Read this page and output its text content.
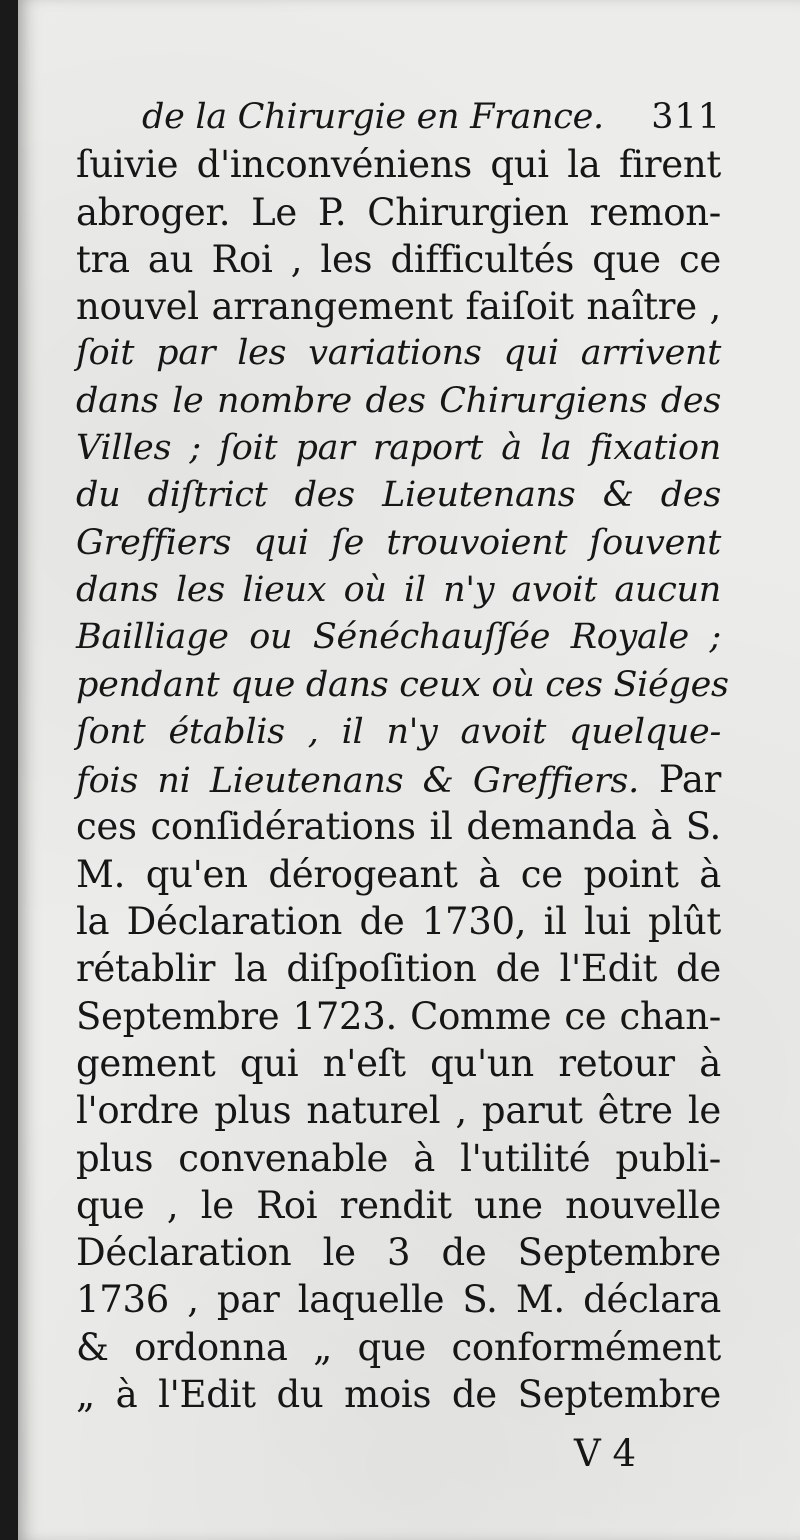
de la Chirurgie en France. 311
ſuivie d'inconvéniens qui la firent
abroger. Le P. Chirurgien remon-
tra au Roi , les difficultés que ce
nouvel arrangement faiſoit naître ,
ſoit par les variations qui arrivent
dans le nombre des Chirurgiens des
Villes ; ſoit par raport à la fixation
du diſtrict des Lieutenans & des
Greffiers qui ſe trouvoient ſouvent
dans les lieux où il n'y avoit aucun
Bailliage ou Sénéchauſſée Royale ;
pendant que dans ceux où ces Siéges
ſont établis , il n'y avoit quelque-
fois ni Lieutenans & Greffiers. Par
ces conſidérations il demanda à S.
M. qu'en dérogeant à ce point à
la Déclaration de 1730, il lui plût
rétablir la diſpoſition de l'Edit de
Septembre 1723. Comme ce chan-
gement qui n'eſt qu'un retour à
l'ordre plus naturel , parut être le
plus convenable à l'utilité publi-
que , le Roi rendit une nouvelle
Déclaration le 3 de Septembre
1736 , par laquelle S. M. déclara
& ordonna „ que conformément
„ à l'Edit du mois de Septembre
V 4
